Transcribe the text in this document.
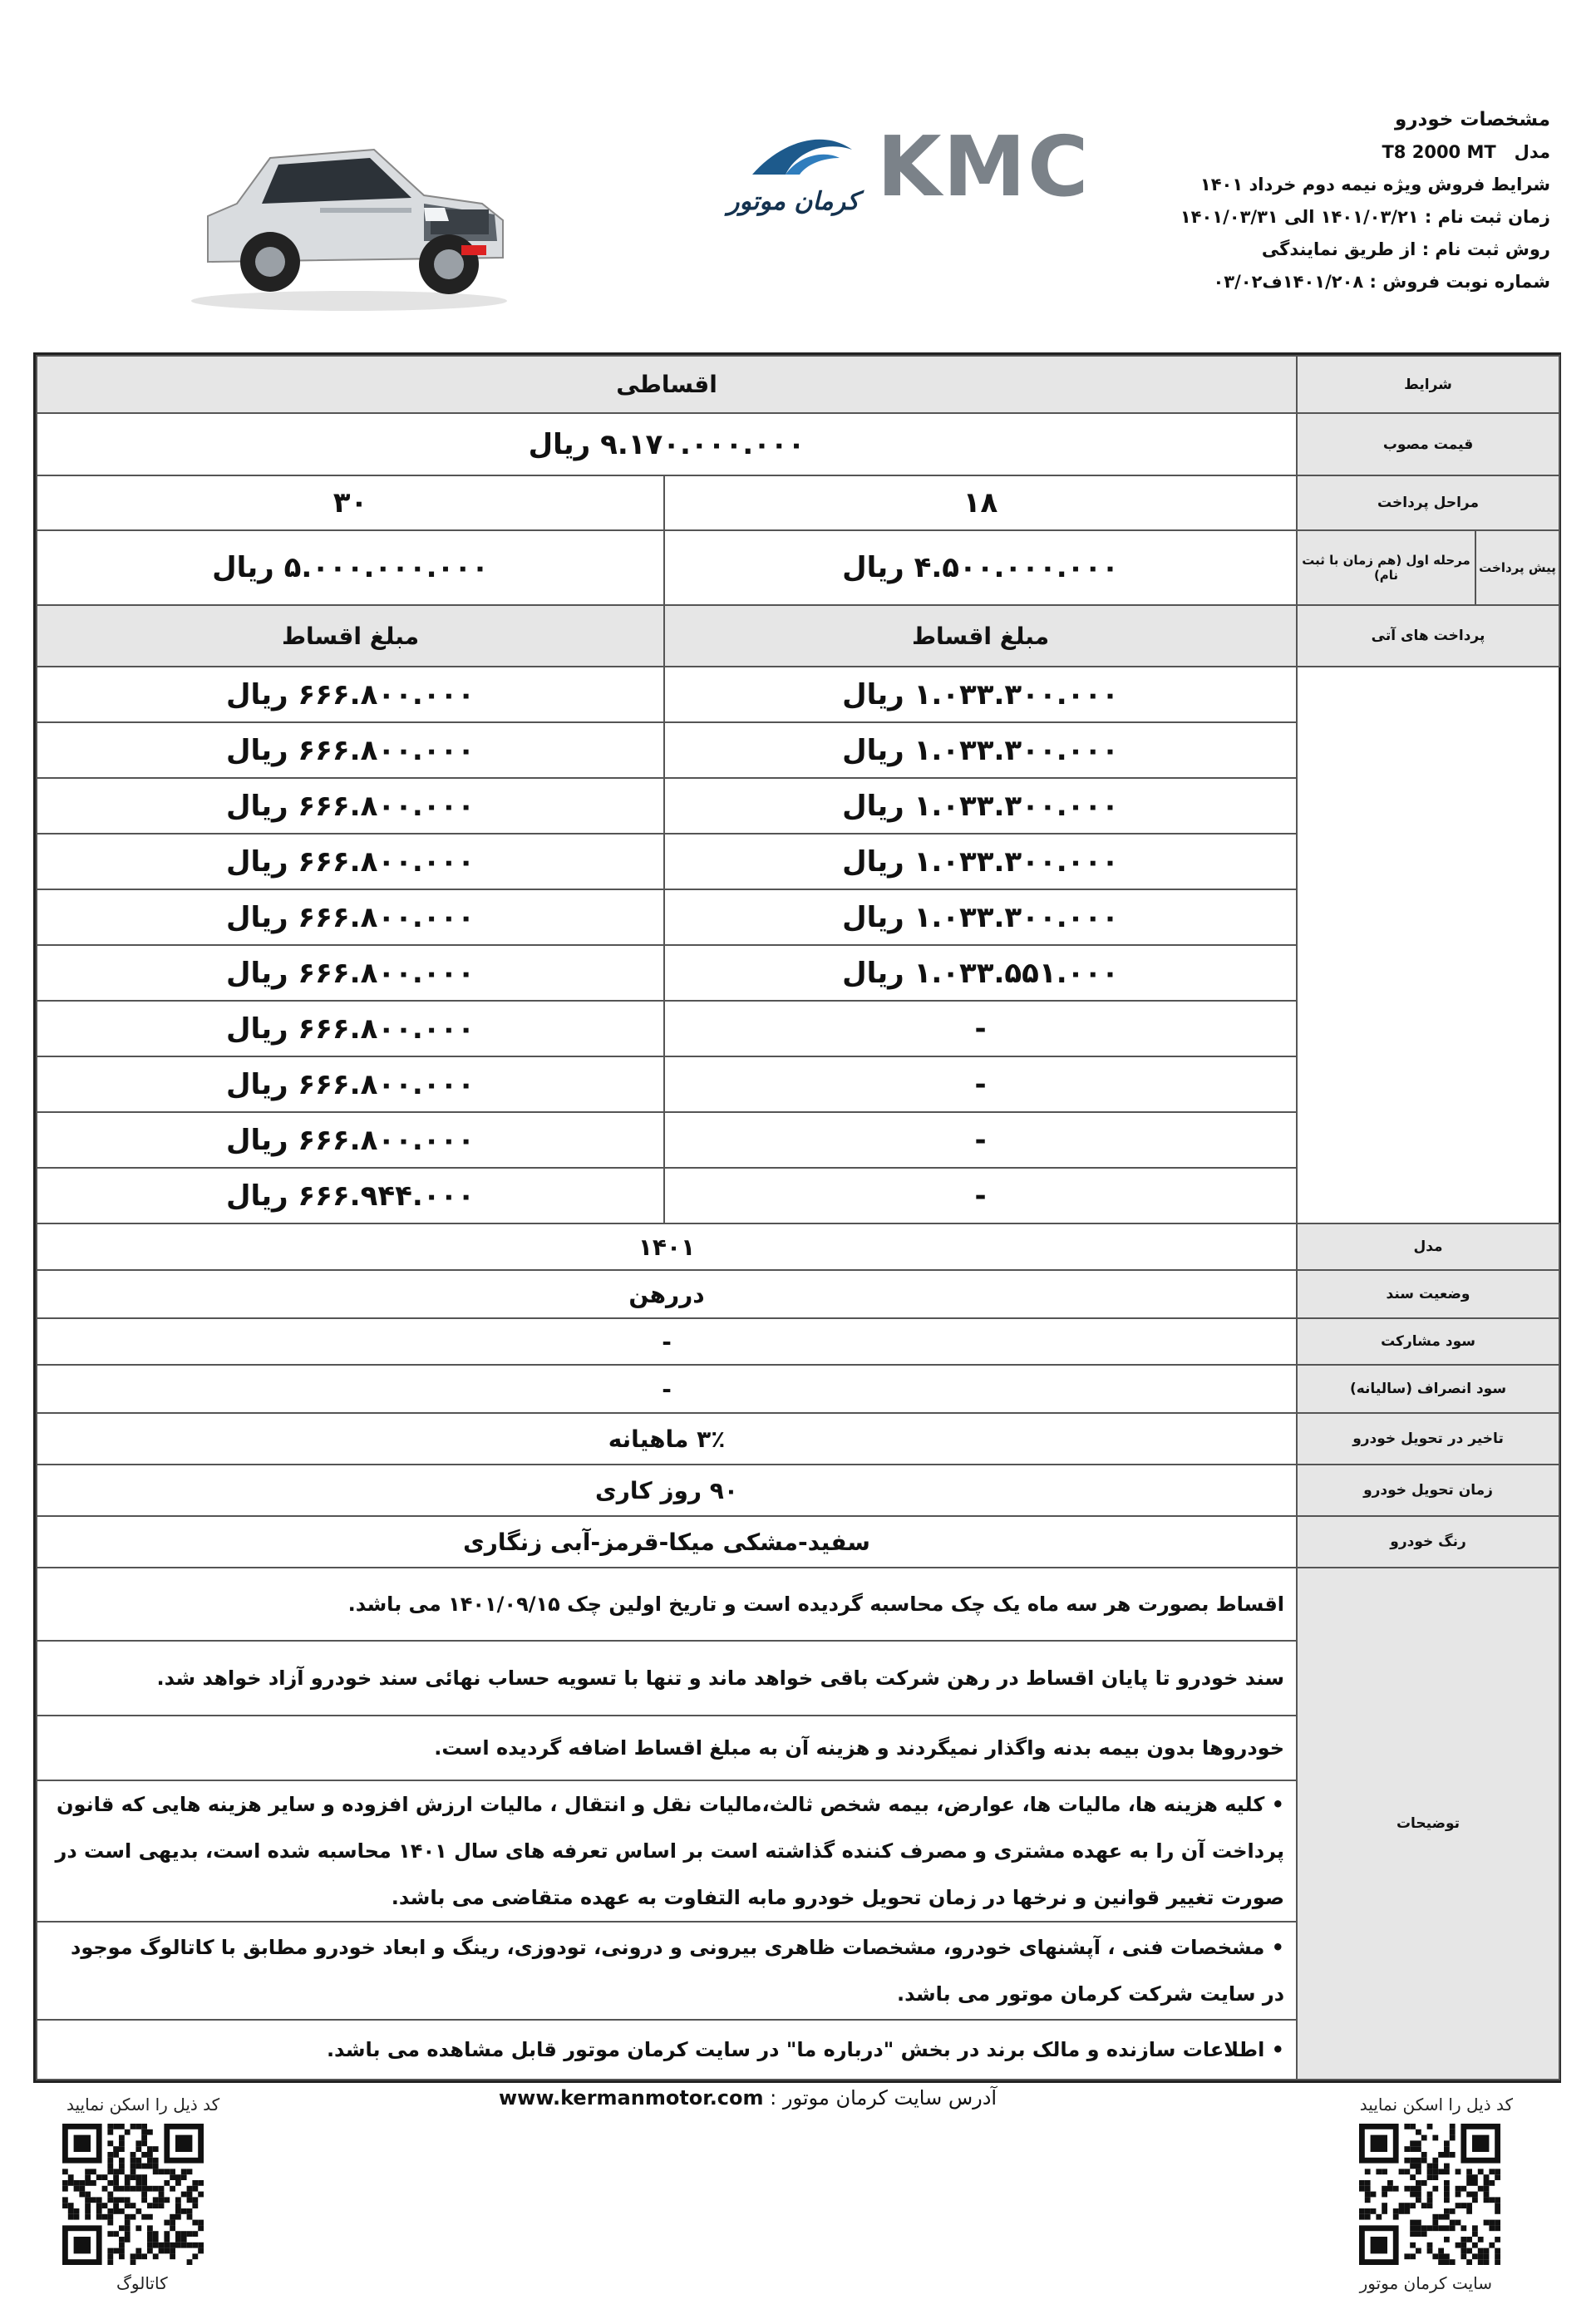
مشخصات خودرو
مدل   T8 2000 MT
شرایط فروش ویژه نیمه دوم خرداد ۱۴۰۱
زمان ثبت نام : ۱۴۰۱/۰۳/۲۱ الی ۱۴۰۱/۰۳/۳۱
روش ثبت نام : از طریق نمایندگی
شماره نوبت فروش : ۱۴۰۱/۲۰۸ف۰۳/۰۲
کرمان موتور KMC
اقساطی		شرایط	
۹.۱۷۰.۰۰۰.۰۰۰ ریال		قیمت مصوب	
۳۰	۱۸	مراحل پرداخت	
۵.۰۰۰.۰۰۰.۰۰۰ ریال	۴.۵۰۰.۰۰۰.۰۰۰ ریال	مرحله اول (هم زمان با ثبت نام)	پیش پرداخت
مبلغ اقساط	مبلغ اقساط	پرداخت های آتی	
۶۶۶.۸۰۰.۰۰۰ ریال	۱.۰۳۳.۳۰۰.۰۰۰ ریال		
۶۶۶.۸۰۰.۰۰۰ ریال	۱.۰۳۳.۳۰۰.۰۰۰ ریال		
۶۶۶.۸۰۰.۰۰۰ ریال	۱.۰۳۳.۳۰۰.۰۰۰ ریال		
۶۶۶.۸۰۰.۰۰۰ ریال	۱.۰۳۳.۳۰۰.۰۰۰ ریال		
۶۶۶.۸۰۰.۰۰۰ ریال	۱.۰۳۳.۳۰۰.۰۰۰ ریال		
۶۶۶.۸۰۰.۰۰۰ ریال	۱.۰۳۳.۵۵۱.۰۰۰ ریال		
۶۶۶.۸۰۰.۰۰۰ ریال	-		
۶۶۶.۸۰۰.۰۰۰ ریال	-		
۶۶۶.۸۰۰.۰۰۰ ریال	-		
۶۶۶.۹۴۴.۰۰۰ ریال	-		
۱۴۰۱		مدل	
دررهن		وضعیت سند	
-		سود مشارکت	
-		سود انصراف (سالیانه)	
۳٪ ماهیانه		تاخیر در تحویل خودرو	
۹۰ روز کاری		زمان تحویل خودرو	
سفید-مشکی میکا-قرمز-آبی زنگاری		رنگ خودرو	
اقساط بصورت هر سه ماه یک چک محاسبه گردیده است و تاریخ اولین چک ۱۴۰۱/۰۹/۱۵ می باشد.		توضیحات	
سند خودرو تا پایان اقساط در رهن شرکت باقی خواهد ماند و تنها با تسویه حساب نهائی سند خودرو آزاد خواهد شد.			
خودروها بدون بیمه بدنه واگذار نمیگردند و هزینه آن به مبلغ اقساط اضافه گردیده است.			
• کلیه هزینه ها، مالیات ها، عوارض، بیمه شخص ثالث،مالیات نقل و انتقال ، مالیات ارزش افزوده و سایر هزینه هایی که قانون پرداخت آن را به عهده مشتری و مصرف کننده گذاشته است بر اساس تعرفه های سال ۱۴۰۱ محاسبه شده است، بدیهی است در صورت تغییر قوانین و نرخها در زمان تحویل خودرو مابه التفاوت به عهده متقاضی می باشد.			
• مشخصات فنی ، آپشنهای خودرو، مشخصات ظاهری بیرونی و درونی، تودوزی، رینگ و ابعاد خودرو مطابق با کاتالوگ موجود در سایت شرکت کرمان موتور می باشد.			
• اطلاعات سازنده و مالک برند در بخش "درباره ما" در سایت کرمان موتور قابل مشاهده می باشد.			
کد ذیل را اسکن نمایید
کد ذیل را اسکن نمایید	آدرس سایت کرمان موتور : www.kermanmotor.com
سایت کرمان موتور
کاتالوگ
